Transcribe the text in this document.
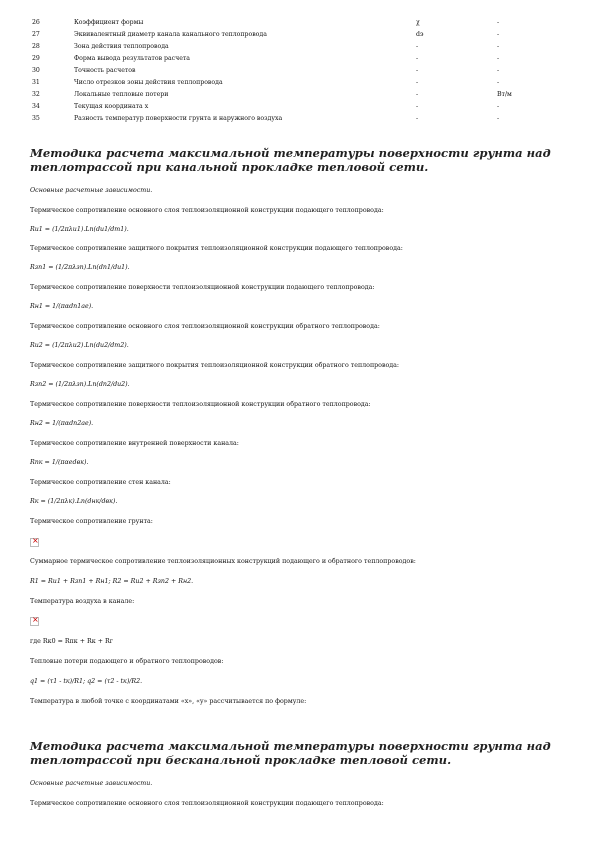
26	Коэффициент формы	χ	-
27	Эквивалентный диаметр канала канального теплопровода	dэ	-
28	Зона действия теплопровода	-	-
29	Форма вывода результатов расчета	-	-
30	Точность расчетов	-	-
31	Число отрезков зоны действия теплопровода	-	-
32	Локальные тепловые потери	-	Вт/м
34	Текущая координата x	-	-
35	Разность температур поверхности грунта и наружного воздуха	-	-
Методика расчета максимальной температуры поверхности грунта над теплотрассой при канальной прокладке тепловой сети.
Основные расчетные зависимости.
Термическое сопротивление основного слоя теплоизоляционной конструкции подающего теплопровода:
Rи1 = (1/2πλи1).Ln(dи1/dт1).
Термическое сопротивление защитного покрытия теплоизоляционной конструкции подающего теплопровода:
Rзп1 = (1/2πλзп).Ln(dп1/dи1).
Термическое сопротивление поверхности теплоизоляционной конструкции подающего теплопровода:
Rн1 = 1/(παdп1ае).
Термическое сопротивление основного слоя теплоизоляционной конструкции обратного теплопровода:
Rи2 = (1/2πλи2).Ln(dи2/dт2).
Термическое сопротивление защитного покрытия теплоизоляционной конструкции обратного теплопровода:
Rзп2 = (1/2πλзп).Ln(dп2/dи2).
Термическое сопротивление поверхности теплоизоляционной конструкции обратного теплопровода:
Rн2 = 1/(παdп2ае).
Термическое сопротивление внутренней поверхности канала:
Rпк = 1/(παеdвк).
Термическое сопротивление стен канала:
Rк = (1/2πλк).Ln(dнк/dвк).
Термическое сопротивление грунта:
×
Суммарное термическое сопротивление теплоизоляционных конструкций подающего и обратного теплопроводов:
R1 = Rи1 + Rзп1 + Rн1; R2 = Rи2 + Rзп2 + Rн2.
Температура воздуха в канале:
×
где Rк0 = Rпк + Rк + Rг
Тепловые потери подающего и обратного теплопроводов:
q1 = (τ1 - tк)/R1; q2 = (τ2 - tк)/R2.
Температура в любой точке с координатами «x», «y» рассчитывается по формуле:
Методика расчета максимальной температуры поверхности грунта над теплотрассой при бесканальной прокладке тепловой сети.
Основные расчетные зависимости.
Термическое сопротивление основного слоя теплоизоляционной конструкции подающего теплопровода:
